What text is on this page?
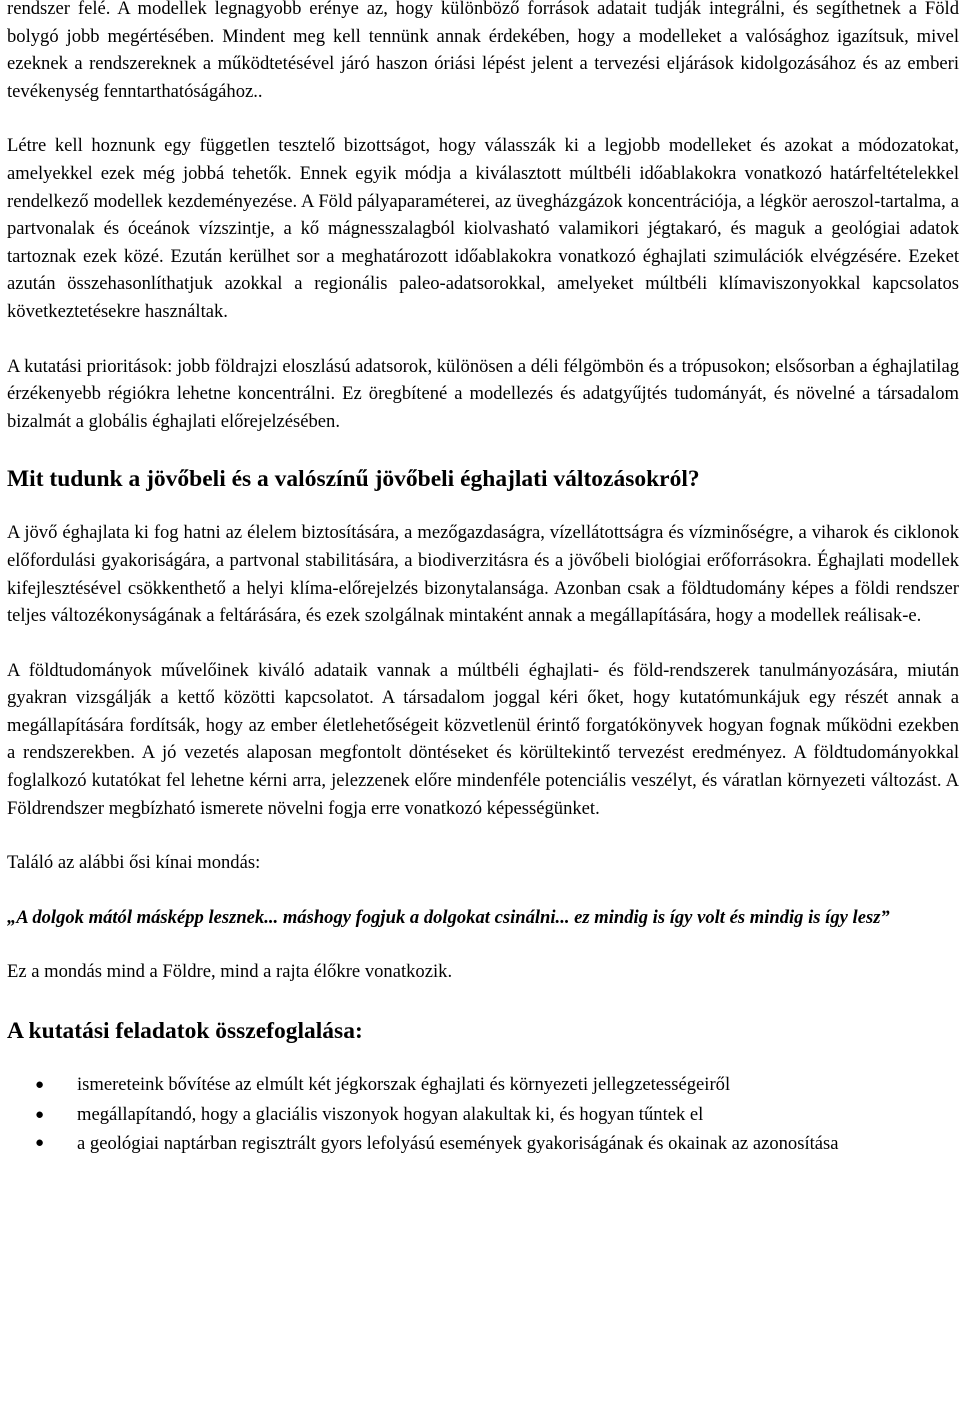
rendszer felé. A modellek legnagyobb erénye az, hogy különböző források adatait tudják integrálni, és segíthetnek a Föld bolygó jobb megértésében. Mindent meg kell tennünk annak érdekében, hogy a modelleket a valósághoz igazítsuk, mivel ezeknek a rendszereknek a működtetésével járó haszon óriási lépést jelent a tervezési eljárások kidolgozásához és az emberi tevékenység fenntarthatóságához..

Létre kell hoznunk egy független tesztelő bizottságot, hogy válasszák ki a legjobb modelleket és azokat a módozatokat, amelyekkel ezek még jobbá tehetők. Ennek egyik módja a kiválasztott múltbéli időablakokra vonatkozó határfeltételekkel rendelkező modellek kezdeményezése. A Föld pályaparaméterei, az üvegházgázok koncentrációja, a légkör aeroszol-tartalma, a partvonalak és óceánok vízszintje, a kő mágnesszalagból kiolvasható valamikori jégtakaró, és maguk a geológiai adatok tartoznak ezek közé. Ezután kerülhet sor a meghatározott időablakokra vonatkozó éghajlati szimulációk elvégzésére. Ezeket azután összehasonlíthatjuk azokkal a regionális paleo-adatsorokkal, amelyeket múltbéli klímaviszonyokkal kapcsolatos következtetésekre használtak.

A kutatási prioritások: jobb földrajzi eloszlású adatsorok, különösen a déli félgömbön és a trópusokon; elsősorban a éghajlatilag érzékenyebb régiókra lehetne koncentrálni. Ez öregbítené a modellezés és adatgyűjtés tudományát, és növelné a társadalom bizalmát a globális éghajlati előrejelzésében.

Mit tudunk a jövőbeli és a valószínű jövőbeli éghajlati változásokról?

A jövő éghajlata ki fog hatni az élelem biztosítására, a mezőgazdaságra, vízellátottságra és vízminőségre, a viharok és ciklonok előfordulási gyakoriságára, a partvonal stabilitására, a biodiverzitásra és a jövőbeli biológiai erőforrásokra. Éghajlati modellek kifejlesztésével csökkenthető a helyi klíma-előrejelzés bizonytalansága. Azonban csak a földtudomány képes a földi rendszer teljes változékonyságának a feltárására, és ezek szolgálnak mintaként annak a megállapítására, hogy a modellek reálisak-e.

A földtudományok művelőinek kiváló adataik vannak a múltbéli éghajlati- és föld-rendszerek tanulmányozására, miután gyakran vizsgálják a kettő közötti kapcsolatot. A társadalom joggal kéri őket, hogy kutatómunkájuk egy részét annak a megállapítására fordítsák, hogy az ember életlehetőségeit közvetlenül érintő forgatókönyvek hogyan fognak működni ezekben a rendszerekben. A jó vezetés alaposan megfontolt döntéseket és körültekintő tervezést eredményez. A földtudományokkal foglalkozó kutatókat fel lehetne kérni arra, jelezzenek előre mindenféle potenciális veszélyt, és váratlan környezeti változást. A Földrendszer megbízható ismerete növelni fogja erre vonatkozó képességünket.

Találó az alábbi ősi kínai mondás:

„A dolgok mától másképp lesznek... máshogy fogjuk a dolgokat csinálni... ez mindig is így volt és mindig is így lesz”

Ez a mondás mind a Földre, mind a rajta élőkre vonatkozik.

A kutatási feladatok összefoglalása:
● ismereteink bővítése az elmúlt két jégkorszak éghajlati és környezeti jellegzetességeiről
● megállapítandó, hogy a glaciális viszonyok hogyan alakultak ki, és hogyan tűntek el
● a geológiai naptárban regisztrált gyors lefolyású események gyakoriságának és okainak az azonosítása
